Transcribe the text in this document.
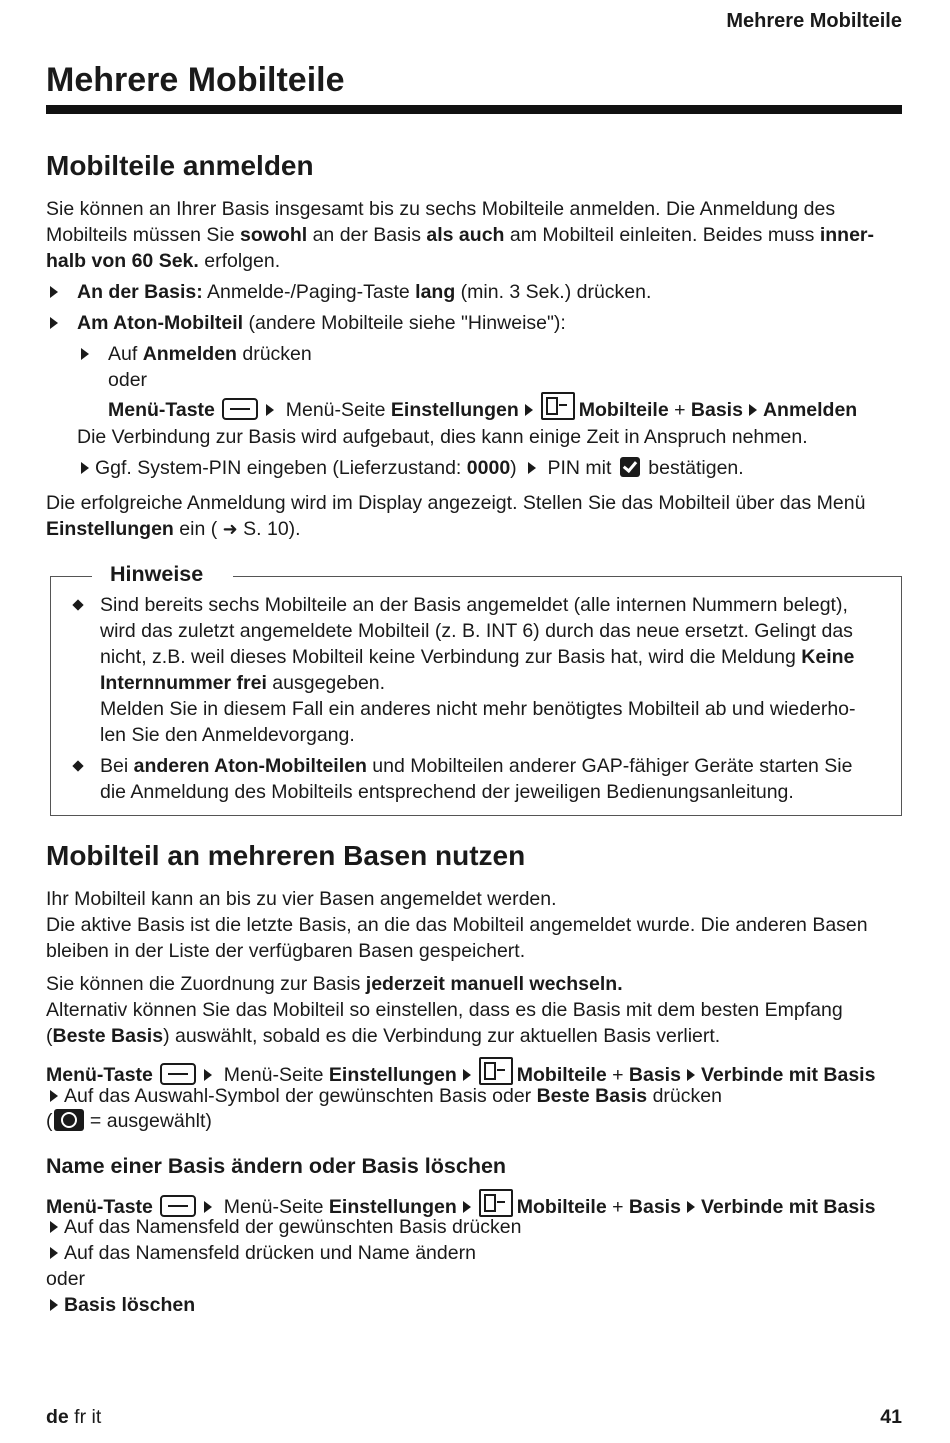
Mehrere Mobilteile
Mehrere Mobilteile
Mobilteile anmelden

Sie können an Ihrer Basis insgesamt bis zu sechs Mobilteile anmelden. Die Anmeldung des

Mobilteils müssen Sie sowohl an der Basis als auch am Mobilteil einleiten. Beides muss inner-

halb von 60 Sek. erfolgen.

An der Basis: Anmelde-/Paging-Taste lang (min. 3 Sek.) drücken.
Am Aton-Mobilteil (andere Mobilteile siehe "Hinweise"):
Auf Anmelden drücken
oder
Menü-Taste	Menü-Seite Einstellungen	Mobilteile + Basis Anmelden
Die Verbindung zur Basis wird aufgebaut, dies kann einige Zeit in Anspruch nehmen.
Ggf. System-PIN eingeben (Lieferzustand: 0000)  PIN mit  bestätigen.

Die erfolgreiche Anmeldung wird im Display angezeigt. Stellen Sie das Mobilteil über das Menü

Einstellungen ein ( ➜ S. 10).

Hinweise

Sind bereits sechs Mobilteile an der Basis angemeldet (alle internen Nummern belegt),

wird das zuletzt angemeldete Mobilteil (z. B. INT 6) durch das neue ersetzt. Gelingt das

nicht, z.B. weil dieses Mobilteil keine Verbindung zur Basis hat, wird die Meldung Keine

Internnummer frei ausgegeben.

Melden Sie in diesem Fall ein anderes nicht mehr benötigtes Mobilteil ab und wiederho-

len Sie den Anmeldevorgang.

Bei anderen Aton-Mobilteilen und Mobilteilen anderer GAP-fähiger Geräte starten Sie

die Anmeldung des Mobilteils entsprechend der jeweiligen Bedienungsanleitung.

Mobilteil an mehreren Basen nutzen

Ihr Mobilteil kann an bis zu vier Basen angemeldet werden.

Die aktive Basis ist die letzte Basis, an die das Mobilteil angemeldet wurde. Die anderen Basen

bleiben in der Liste der verfügbaren Basen gespeichert.

Sie können die Zuordnung zur Basis jederzeit manuell wechseln.

Alternativ können Sie das Mobilteil so einstellen, dass es die Basis mit dem besten Empfang

(Beste Basis) auswählt, sobald es die Verbindung zur aktuellen Basis verliert.

Menü-Taste	Menü-Seite Einstellungen	Mobilteile + Basis Verbinde mit Basis
Auf das Auswahl-Symbol der gewünschten Basis oder Beste Basis drücken
( = ausgewählt)
Name einer Basis ändern oder Basis löschen
Menü-Taste	Menü-Seite Einstellungen	Mobilteile + Basis Verbinde mit Basis
Auf das Namensfeld der gewünschten Basis drücken
Auf das Namensfeld drücken und Name ändern
oder
Basis löschen
de fr it	41
